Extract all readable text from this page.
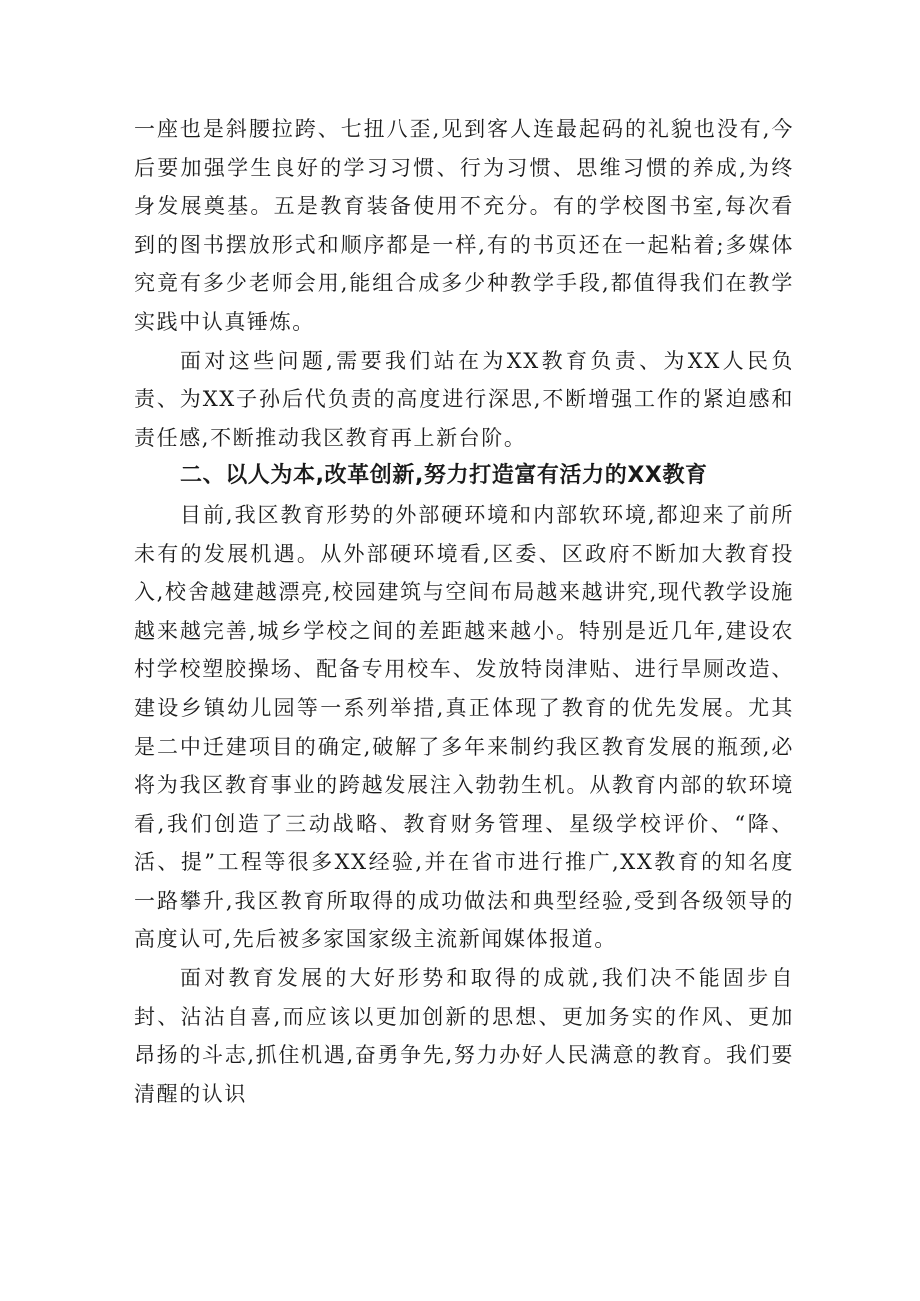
一座也是斜腰拉跨、七扭八歪,见到客人连最起码的礼貌也没有,今后要加强学生良好的学习习惯、行为习惯、思维习惯的养成,为终身发展奠基。五是教育装备使用不充分。有的学校图书室,每次看到的图书摆放形式和顺序都是一样,有的书页还在一起粘着;多媒体究竟有多少老师会用,能组合成多少种教学手段,都值得我们在教学实践中认真锤炼。

面对这些问题,需要我们站在为XX教育负责、为XX人民负责、为XX子孙后代负责的高度进行深思,不断增强工作的紧迫感和责任感,不断推动我区教育再上新台阶。

二、以人为本,改革创新,努力打造富有活力的XX教育

目前,我区教育形势的外部硬环境和内部软环境,都迎来了前所未有的发展机遇。从外部硬环境看,区委、区政府不断加大教育投入,校舍越建越漂亮,校园建筑与空间布局越来越讲究,现代教学设施越来越完善,城乡学校之间的差距越来越小。特别是近几年,建设农村学校塑胶操场、配备专用校车、发放特岗津贴、进行旱厕改造、建设乡镇幼儿园等一系列举措,真正体现了教育的优先发展。尤其是二中迁建项目的确定,破解了多年来制约我区教育发展的瓶颈,必将为我区教育事业的跨越发展注入勃勃生机。从教育内部的软环境看,我们创造了三动战略、教育财务管理、星级学校评价、“降、活、提”工程等很多XX经验,并在省市进行推广,XX教育的知名度一路攀升,我区教育所取得的成功做法和典型经验,受到各级领导的高度认可,先后被多家国家级主流新闻媒体报道。

面对教育发展的大好形势和取得的成就,我们决不能固步自封、沾沾自喜,而应该以更加创新的思想、更加务实的作风、更加昂扬的斗志,抓住机遇,奋勇争先,努力办好人民满意的教育。我们要清醒的认识
